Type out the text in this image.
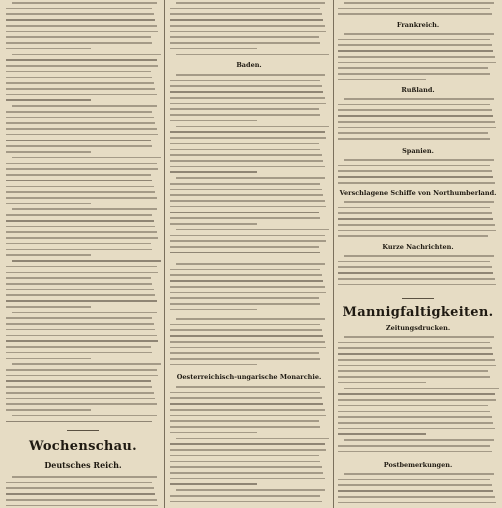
Wochenschau.
Deutsches Reich.
Baden.
Oesterreichisch-ungarische Monarchie.
Frankreich.
Rußland.
Spanien.
Verschlagene Schiffe von Northumberland.
Kurze Nachrichten.
Mannigfaltigkeiten.
Zeitungsdrucken.
Postbemerkungen.
